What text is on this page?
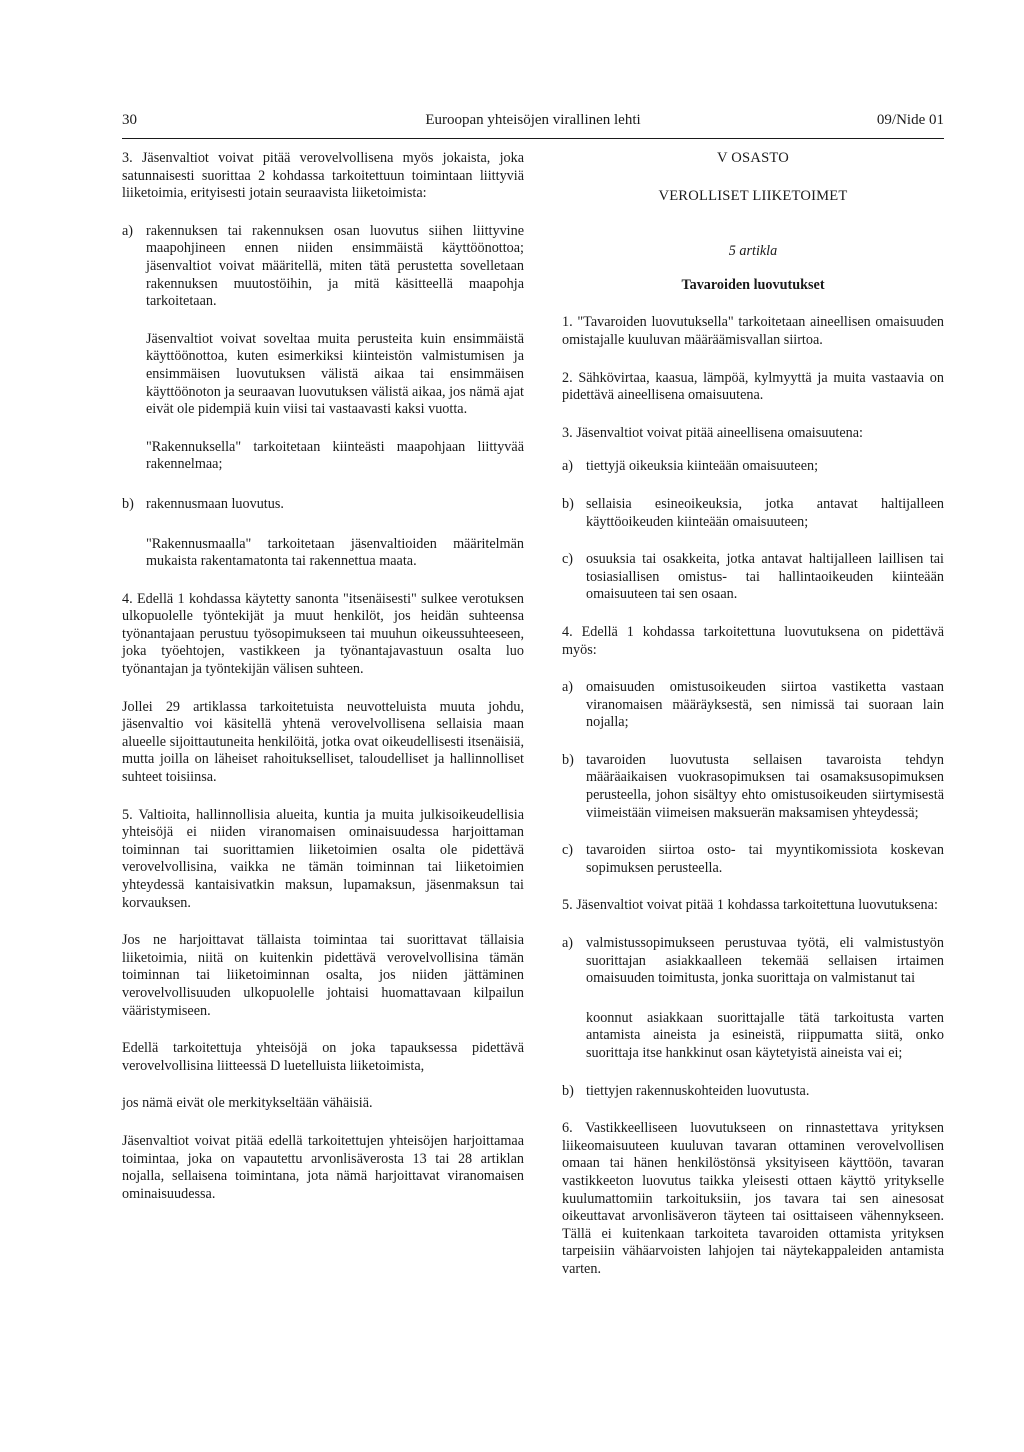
30	Euroopan yhteisöjen virallinen lehti	09/Nide 01

3. Jäsenvaltiot voivat pitää verovelvollisena myös jokaista, joka satunnaisesti suorittaa 2 kohdassa tarkoitettuun toimintaan liittyviä liiketoimia, erityisesti jotain seuraavista liiketoimista:

a) rakennuksen tai rakennuksen osan luovutus siihen liittyvine maapohjineen ennen niiden ensimmäistä käyttöönottoa; jäsenvaltiot voivat määritellä, miten tätä perustetta sovelletaan rakennuksen muutostöihin, ja mitä käsitteellä maapohja tarkoitetaan.

Jäsenvaltiot voivat soveltaa muita perusteita kuin ensimmäistä käyttöönottoa, kuten esimerkiksi kiinteistön valmistumisen ja ensimmäisen luovutuksen välistä aikaa tai ensimmäisen käyttöönoton ja seuraavan luovutuksen välistä aikaa, jos nämä ajat eivät ole pidempiä kuin viisi tai vastaavasti kaksi vuotta.

"Rakennuksella" tarkoitetaan kiinteästi maapohjaan liittyvää rakennelmaa;

b) rakennusmaan luovutus.

"Rakennusmaalla" tarkoitetaan jäsenvaltioiden määritelmän mukaista rakentamatonta tai rakennettua maata.

4. Edellä 1 kohdassa käytetty sanonta "itsenäisesti" sulkee verotuksen ulkopuolelle työntekijät ja muut henkilöt, jos heidän suhteensa työnantajaan perustuu työsopimukseen tai muuhun oikeussuhteeseen, joka työehtojen, vastikkeen ja työnantajavastuun osalta luo työnantajan ja työntekijän välisen suhteen.

Jollei 29 artiklassa tarkoitetuista neuvotteluista muuta johdu, jäsenvaltio voi käsitellä yhtenä verovelvollisena sellaisia maan alueelle sijoittautuneita henkilöitä, jotka ovat oikeudellisesti itsenäisiä, mutta joilla on läheiset rahoitukselliset, taloudelliset ja hallinnolliset suhteet toisiinsa.

5. Valtioita, hallinnollisia alueita, kuntia ja muita julkisoikeudellisia yhteisöjä ei niiden viranomaisen ominaisuudessa harjoittaman toiminnan tai suorittamien liiketoimien osalta ole pidettävä verovelvollisina, vaikka ne tämän toiminnan tai liiketoimien yhteydessä kantaisivatkin maksun, lupamaksun, jäsenmaksun tai korvauksen.

Jos ne harjoittavat tällaista toimintaa tai suorittavat tällaisia liiketoimia, niitä on kuitenkin pidettävä verovelvollisina tämän toiminnan tai liiketoiminnan osalta, jos niiden jättäminen verovelvollisuuden ulkopuolelle johtaisi huomattavaan kilpailun vääristymiseen.

Edellä tarkoitettuja yhteisöjä on joka tapauksessa pidettävä verovelvollisina liitteessä D luetelluista liiketoimista,

jos nämä eivät ole merkitykseltään vähäisiä.

Jäsenvaltiot voivat pitää edellä tarkoitettujen yhteisöjen harjoittamaa toimintaa, joka on vapautettu arvonlisäverosta 13 tai 28 artiklan nojalla, sellaisena toimintana, jota nämä harjoittavat viranomaisen ominaisuudessa.

V OSASTO
VEROLLISET LIIKETOIMET
5 artikla
Tavaroiden luovutukset

1. "Tavaroiden luovutuksella" tarkoitetaan aineellisen omaisuuden omistajalle kuuluvan määräämisvallan siirtoa.

2. Sähkövirtaa, kaasua, lämpöä, kylmyyttä ja muita vastaavia on pidettävä aineellisena omaisuutena.

3. Jäsenvaltiot voivat pitää aineellisena omaisuutena:

a) tiettyjä oikeuksia kiinteään omaisuuteen;
b) sellaisia esineoikeuksia, jotka antavat haltijalleen käyttöoikeuden kiinteään omaisuuteen;
c) osuuksia tai osakkeita, jotka antavat haltijalleen laillisen tai tosiasiallisen omistus- tai hallintaoikeuden kiinteään omaisuuteen tai sen osaan.

4. Edellä 1 kohdassa tarkoitettuna luovutuksena on pidettävä myös:

a) omaisuuden omistusoikeuden siirtoa vastiketta vastaan viranomaisen määräyksestä, sen nimissä tai suoraan lain nojalla;
b) tavaroiden luovutusta sellaisen tavaroista tehdyn määräaikaisen vuokrasopimuksen tai osamaksusopimuksen perusteella, johon sisältyy ehto omistusoikeuden siirtymisestä viimeistään viimeisen maksuerän maksamisen yhteydessä;
c) tavaroiden siirtoa osto- tai myyntikomissiota koskevan sopimuksen perusteella.

5. Jäsenvaltiot voivat pitää 1 kohdassa tarkoitettuna luovutuksena:

a) valmistussopimukseen perustuvaa työtä, eli valmistustyön suorittajan asiakkaalleen tekemää sellaisen irtaimen omaisuuden toimitusta, jonka suorittaja on valmistanut tai

koonnut asiakkaan suorittajalle tätä tarkoitusta varten antamista aineista ja esineistä, riippumatta siitä, onko suorittaja itse hankkinut osan käytetyistä aineista vai ei;

b) tiettyjen rakennuskohteiden luovutusta.

6. Vastikkeelliseen luovutukseen on rinnastettava yrityksen liikeomaisuuteen kuuluvan tavaran ottaminen verovelvollisen omaan tai hänen henkilöstönsä yksityiseen käyttöön, tavaran vastikkeeton luovutus taikka yleisesti ottaen käyttö yritykselle kuulumattomiin tarkoituksiin, jos tavara tai sen ainesosat oikeuttavat arvonlisäveron täyteen tai osittaiseen vähennykseen. Tällä ei kuitenkaan tarkoiteta tavaroiden ottamista yrityksen tarpeisiin vähäarvoisten lahjojen tai näytekappaleiden antamista varten.
